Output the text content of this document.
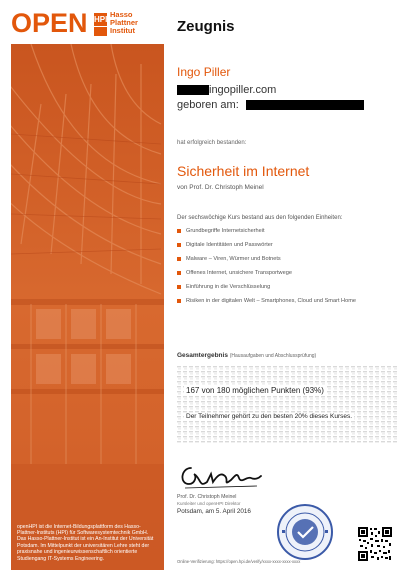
OPEN HPI
Hasso
Plattner
Institut	Zeugnis
openHPI ist die Internet-Bildungsplattform des Hasso-Plattner-Instituts (HPI) für Softwaresystemtechnik GmbH. Das Hasso-Plattner-Institut ist ein An-Institut der Universität Potsdam. Im Mittelpunkt der universitären Lehre steht der praxisnahe und ingenieurwissenschaftlich orientierte Studiengang IT-Systems Engineering.
Ingo Piller
ingopiller.com
geboren am:
hat erfolgreich bestanden:
Sicherheit im Internet
von Prof. Dr. Christoph Meinel
Der sechswöchige Kurs bestand aus den folgenden Einheiten:
Grundbegriffe Internetsicherheit
Digitale Identitäten und Passwörter
Malware – Viren, Würmer und Botnets
Offenes Internet, unsichere Transportwege
Einführung in die Verschlüsselung
Risiken in der digitalen Welt – Smartphones, Cloud und Smart Home
Gesamtergebnis (Hausaufgaben und Abschlussprüfung)
167 von 180 möglichen Punkten (93%)
Der Teilnehmer gehört zu den besten 20% dieses Kurses.
Prof. Dr. Christoph Meinel
Kursleiter und openHPI Direktor
Potsdam, am 5. April 2016
Online-Verifizierung: https://open.hpi.de/verify/xxxx-xxxx-xxxx-xxxx
